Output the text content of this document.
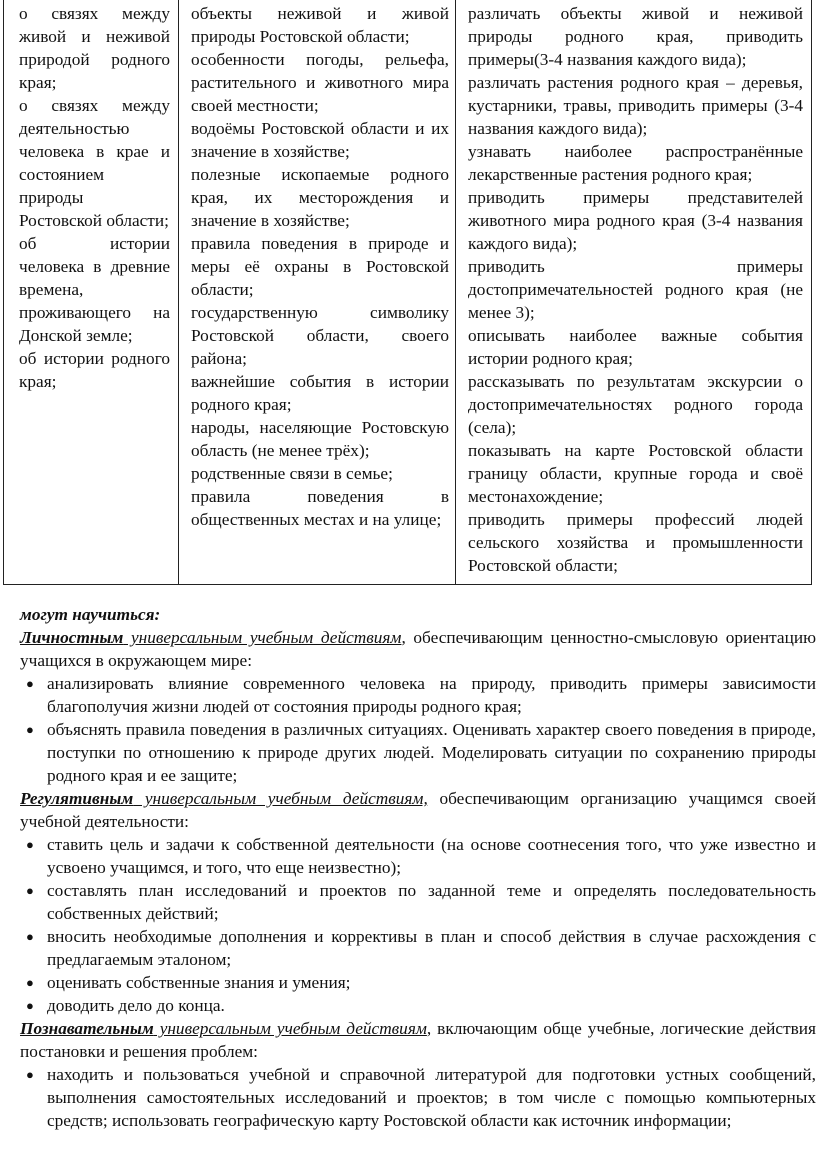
о связях между живой и неживой природой родного края;

о связях между деятельностью человека в крае и состоянием природы Ростовской области;

об истории человека в древние времена, проживающего на Донской земле;

об истории родного края;

объекты неживой и живой природы Ростовской области;

особенности погоды, рельефа, растительного и животного мира своей местности;

водоёмы Ростовской области и их значение в хозяйстве;

полезные ископаемые родного края, их месторождения и значение в хозяйстве;

правила поведения в природе и меры её охраны в Ростовской области;

государственную символику Ростовской области, своего района;

важнейшие события в истории родного края;

народы, населяющие Ростовскую область (не менее трёх);

родственные связи в семье;

правила поведения в общественных местах и на улице;

различать объекты живой и неживой природы родного края, приводить примеры(3-4 названия каждого вида);

различать растения родного края – деревья, кустарники, травы, приводить примеры (3-4 названия каждого вида);

узнавать наиболее распространённые лекарственные растения родного края;

приводить примеры представителей животного мира родного края (3-4 названия каждого вида);

приводить примеры достопримечательностей родного края (не менее 3);

описывать наиболее важные события истории родного края;

рассказывать по результатам экскурсии о достопримечательностях родного города (села);

показывать на карте Ростовской области границу области, крупные города и своё местонахождение;

приводить примеры профессий людей сельского хозяйства и промышленности Ростовской области;

могут научиться:

Личностным универсальным учебным действиям, обеспечивающим ценностно-смысловую ориентацию учащихся в окружающем мире:

● анализировать влияние современного человека на природу, приводить примеры зависимости благополучия жизни людей от состояния природы родного края;
● объяснять правила поведения в различных ситуациях. Оценивать характер своего поведения в природе, поступки по отношению к природе других людей. Моделировать ситуации по сохранению природы родного края и ее защите;

Регулятивным универсальным учебным действиям, обеспечивающим организацию учащимся своей учебной деятельности:

● ставить цель и задачи к собственной деятельности (на основе соотнесения того, что уже известно и усвоено учащимся, и того, что еще неизвестно);
● составлять план исследований и проектов по заданной теме и определять последовательность собственных действий;
● вносить необходимые дополнения и коррективы в план и способ действия в случае расхождения с предлагаемым эталоном;
● оценивать собственные знания и умения;
● доводить дело до конца.

Познавательным универсальным учебным действиям, включающим обще учебные, логические действия постановки и решения проблем:

● находить и пользоваться учебной и справочной литературой для подготовки устных сообщений, выполнения самостоятельных исследований и проектов; в том числе с помощью компьютерных средств; использовать географическую карту Ростовской области как источник информации;
